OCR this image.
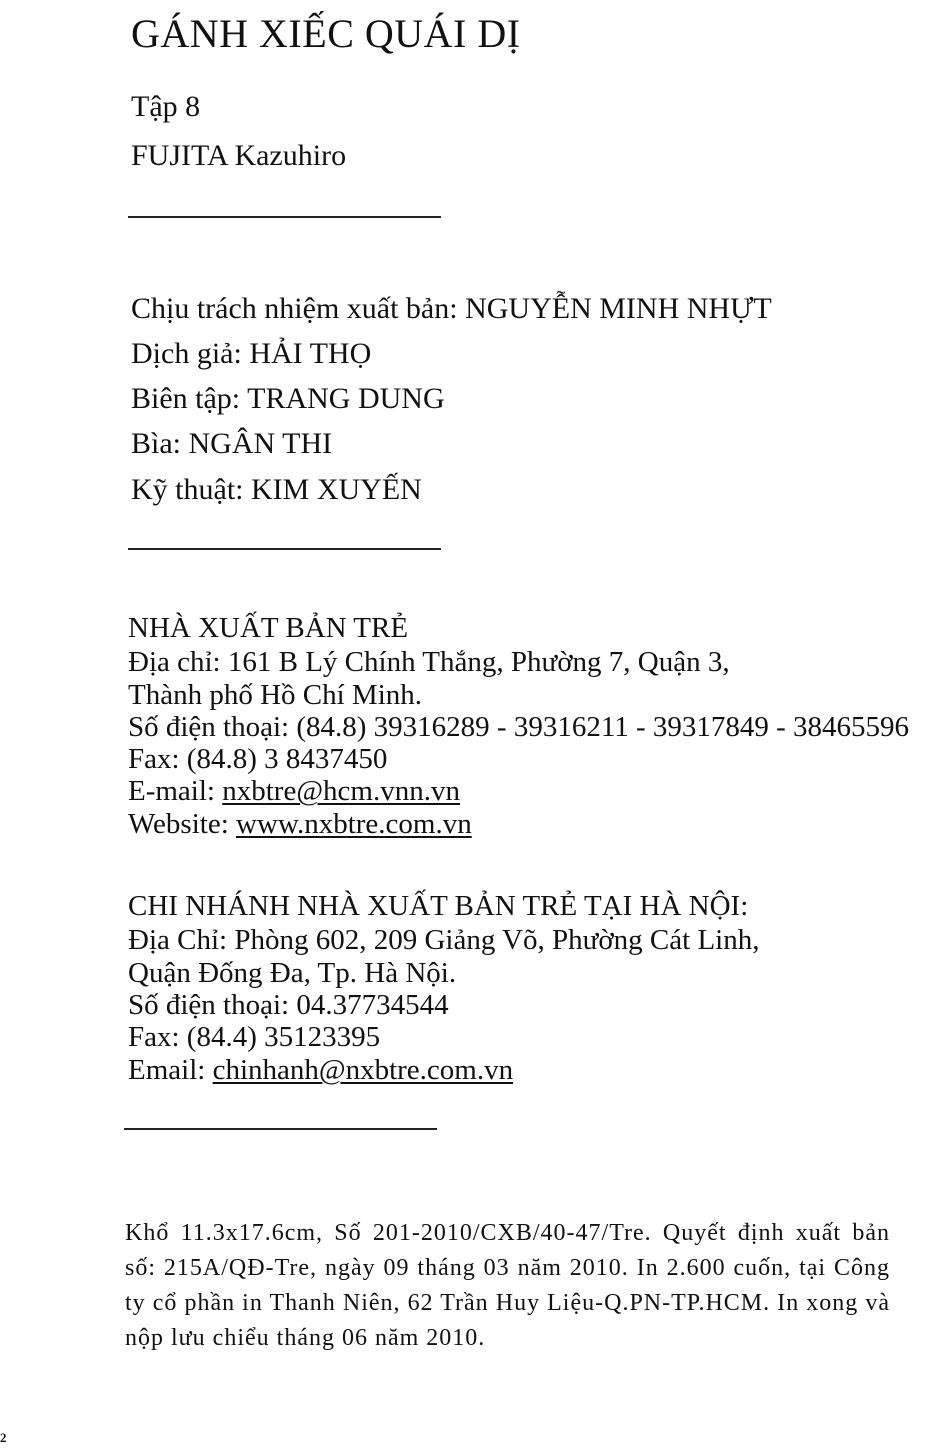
GÁNH XIẾC QUÁI DỊ
Tập 8
FUJITA Kazuhiro
Chịu trách nhiệm xuất bản: NGUYỄN MINH NHỰT
Dịch giả: HẢI THỌ
Biên tập: TRANG DUNG
Bìa: NGÂN THI
Kỹ thuật: KIM XUYẾN
NHÀ XUẤT BẢN TRẺ
Địa chỉ: 161 B Lý Chính Thắng, Phường 7, Quận 3,
Thành phố Hồ Chí Minh.
Số điện thoại: (84.8) 39316289 - 39316211 - 39317849 - 38465596
Fax: (84.8) 3 8437450
E-mail: nxbtre@hcm.vnn.vn
Website: www.nxbtre.com.vn
CHI NHÁNH NHÀ XUẤT BẢN TRẺ TẠI HÀ NỘI:
Địa Chỉ: Phòng 602, 209 Giảng Võ, Phường Cát Linh,
Quận Đống Đa, Tp. Hà Nội.
Số điện thoại: 04.37734544
Fax: (84.4) 35123395
Email: chinhanh@nxbtre.com.vn
Khổ 11.3x17.6cm, Số 201-2010/CXB/40-47/Tre. Quyết định xuất bản số: 215A/QĐ-Tre, ngày 09 tháng 03 năm 2010. In 2.600 cuốn, tại Công ty cổ phần in Thanh Niên, 62 Trần Huy Liệu-Q.PN-TP.HCM. In xong và nộp lưu chiểu tháng 06 năm 2010.
2
